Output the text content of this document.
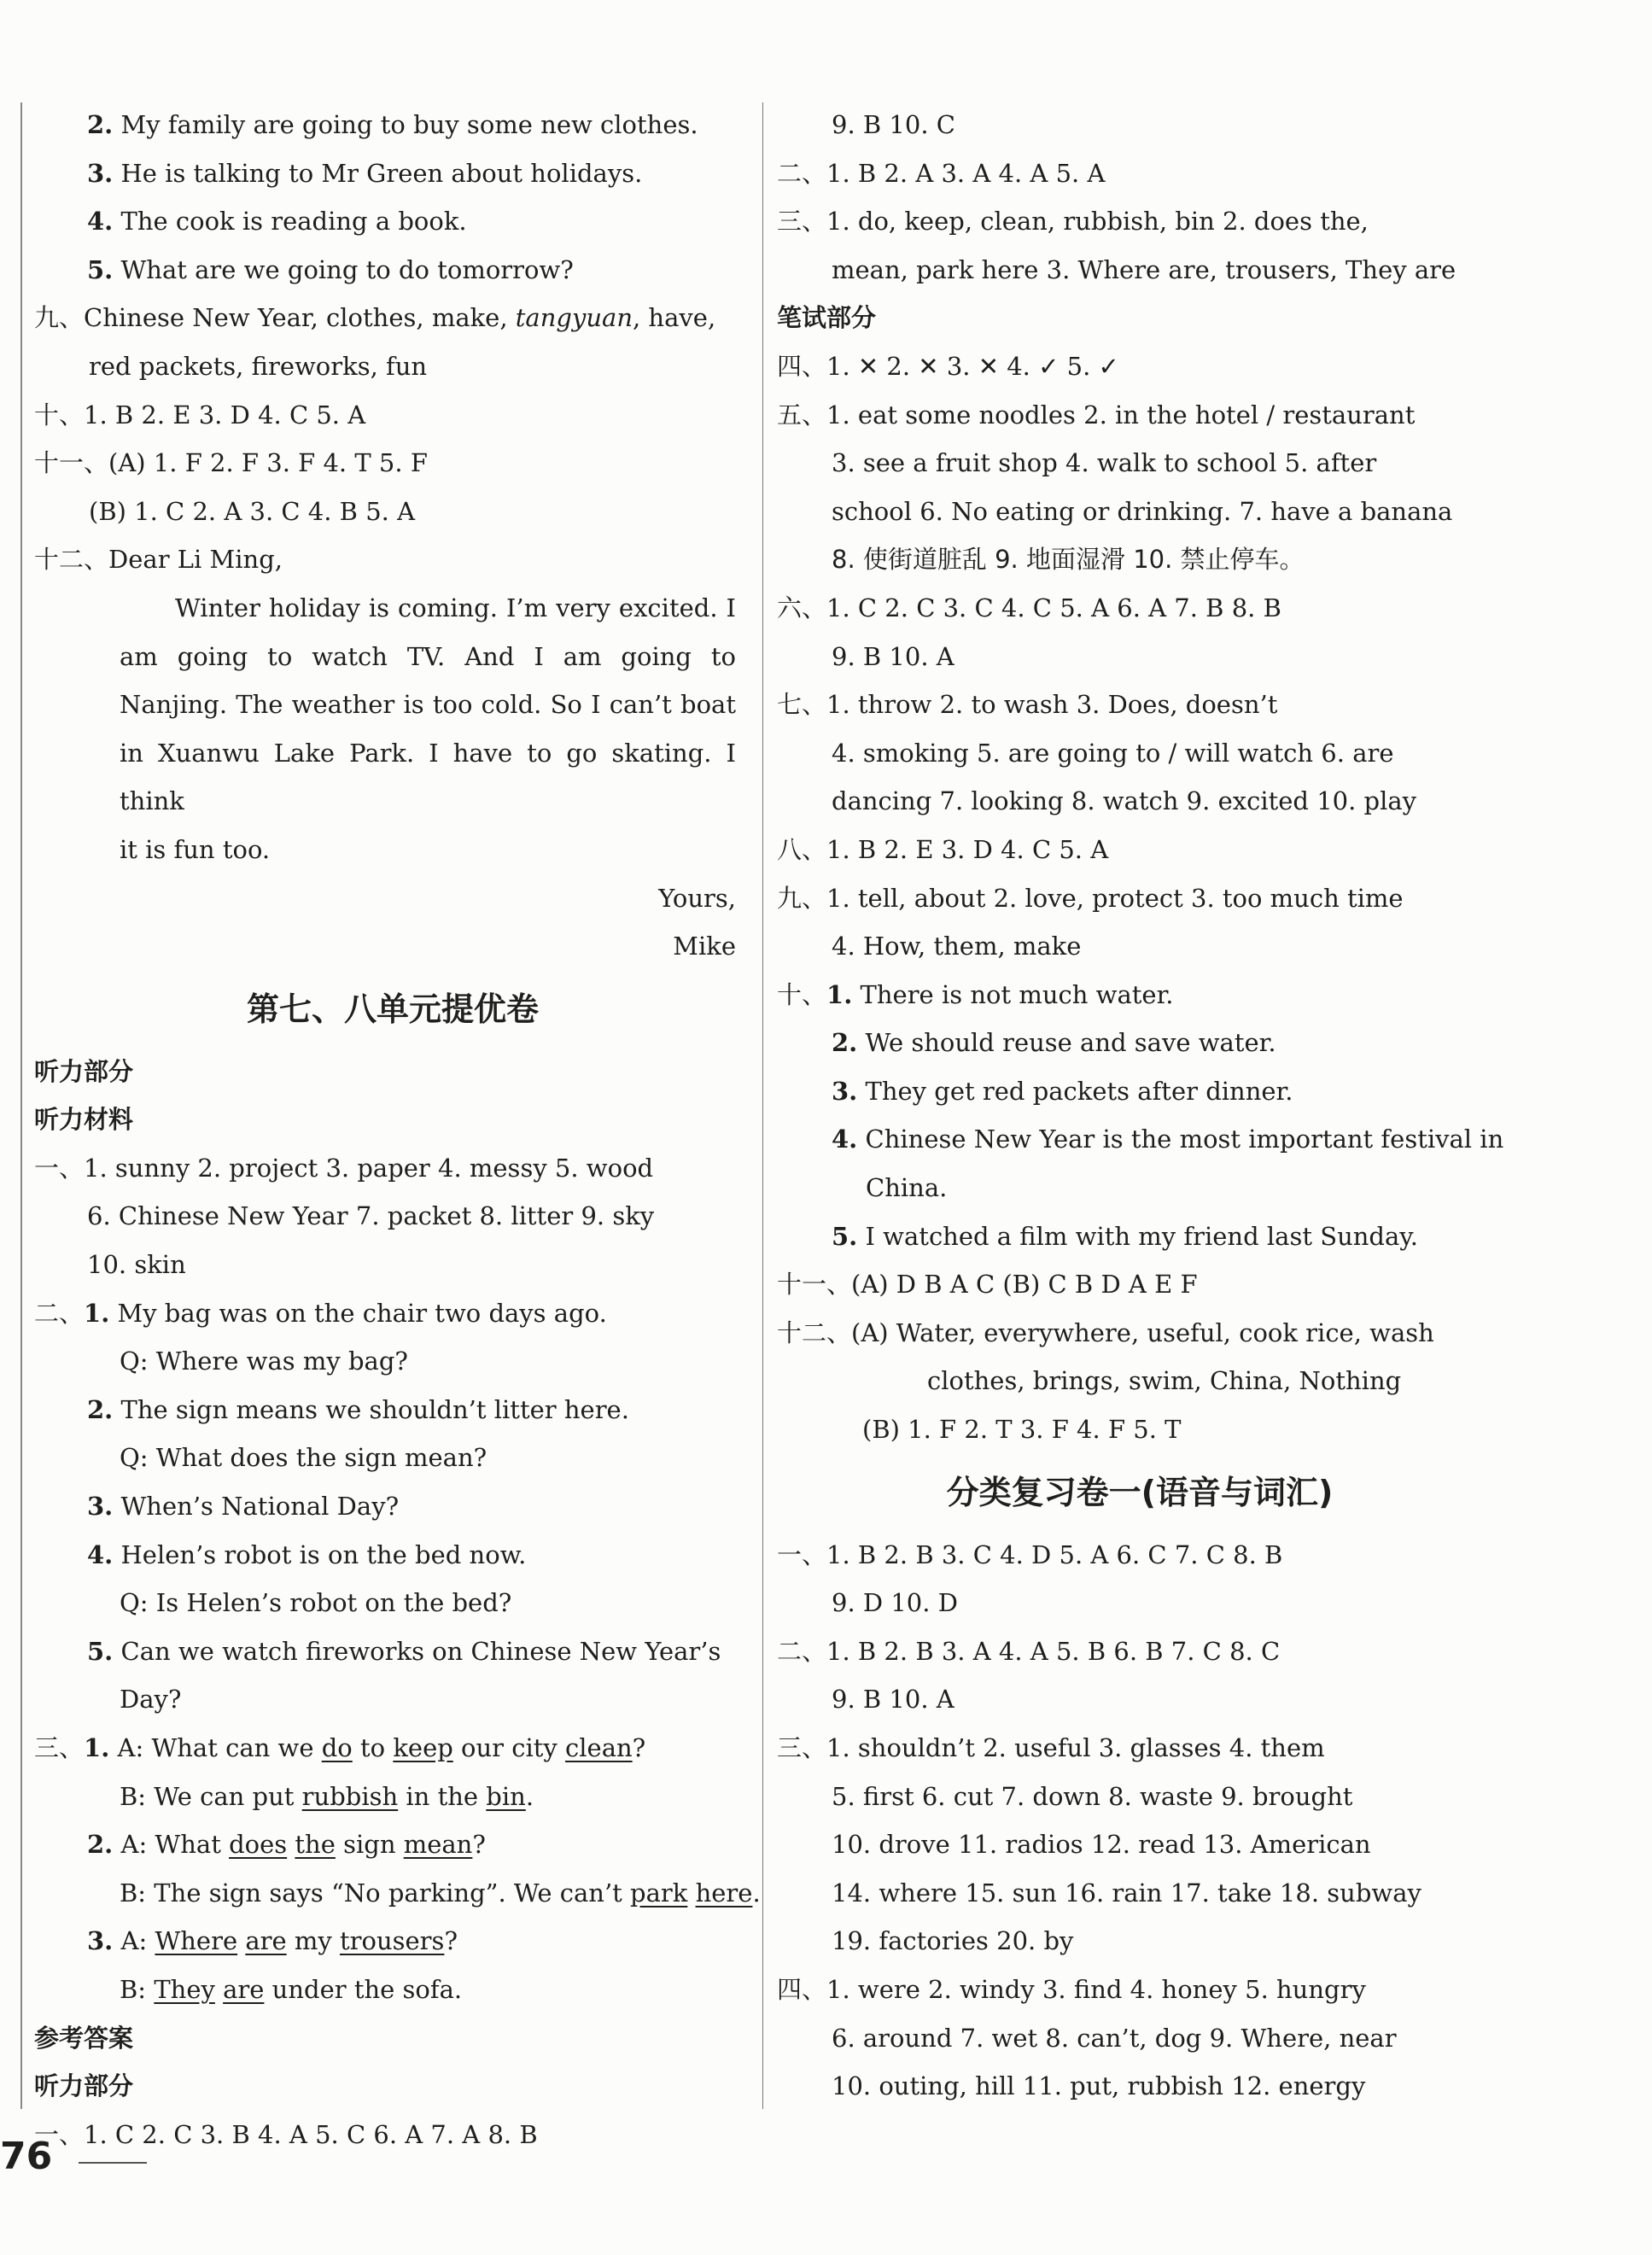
2. My family are going to buy some new clothes.
3. He is talking to Mr Green about holidays.
4. The cook is reading a book.
5. What are we going to do tomorrow?
九、Chinese New Year, clothes, make, tangyuan, have,
red packets, fireworks, fun
十、1. B 2. E 3. D 4. C 5. A
十一、(A) 1. F 2. F 3. F 4. T 5. F
(B) 1. C 2. A 3. C 4. B 5. A
十二、Dear Li Ming,
Winter holiday is coming. I’m very excited. I
am going to watch TV. And I am going to
Nanjing. The weather is too cold. So I can’t boat
in Xuanwu Lake Park. I have to go skating. I think
it is fun too.
Yours,
Mike
第七、八单元提优卷
听力部分
听力材料
一、1. sunny 2. project 3. paper 4. messy 5. wood
6. Chinese New Year 7. packet 8. litter 9. sky
10. skin
二、1. My bag was on the chair two days ago.
Q: Where was my bag?
2. The sign means we shouldn’t litter here.
Q: What does the sign mean?
3. When’s National Day?
4. Helen’s robot is on the bed now.
Q: Is Helen’s robot on the bed?
5. Can we watch fireworks on Chinese New Year’s
Day?
三、1. A: What can we do to keep our city clean?
B: We can put rubbish in the bin.
2. A: What does the sign mean?
B: The sign says “No parking”. We can’t park here.
3. A: Where are my trousers?
B: They are under the sofa.
参考答案
听力部分
一、1. C 2. C 3. B 4. A 5. C 6. A 7. A 8. B
9. B 10. C
二、1. B 2. A 3. A 4. A 5. A
三、1. do, keep, clean, rubbish, bin 2. does the,
mean, park here 3. Where are, trousers, They are
笔试部分
四、1. ✕ 2. ✕ 3. ✕ 4. ✓ 5. ✓
五、1. eat some noodles 2. in the hotel / restaurant
3. see a fruit shop 4. walk to school 5. after
school 6. No eating or drinking. 7. have a banana
8. 使街道脏乱 9. 地面湿滑 10. 禁止停车。
六、1. C 2. C 3. C 4. C 5. A 6. A 7. B 8. B
9. B 10. A
七、1. throw 2. to wash 3. Does, doesn’t
4. smoking 5. are going to / will watch 6. are
dancing 7. looking 8. watch 9. excited 10. play
八、1. B 2. E 3. D 4. C 5. A
九、1. tell, about 2. love, protect 3. too much time
4. How, them, make
十、1. There is not much water.
2. We should reuse and save water.
3. They get red packets after dinner.
4. Chinese New Year is the most important festival in
China.
5. I watched a film with my friend last Sunday.
十一、(A) D B A C (B) C B D A E F
十二、(A) Water, everywhere, useful, cook rice, wash
clothes, brings, swim, China, Nothing
(B) 1. F 2. T 3. F 4. F 5. T
分类复习卷一(语音与词汇)
一、1. B 2. B 3. C 4. D 5. A 6. C 7. C 8. B
9. D 10. D
二、1. B 2. B 3. A 4. A 5. B 6. B 7. C 8. C
9. B 10. A
三、1. shouldn’t 2. useful 3. glasses 4. them
5. first 6. cut 7. down 8. waste 9. brought
10. drove 11. radios 12. read 13. American
14. where 15. sun 16. rain 17. take 18. subway
19. factories 20. by
四、1. were 2. windy 3. find 4. honey 5. hungry
6. around 7. wet 8. can’t, dog 9. Where, near
10. outing, hill 11. put, rubbish 12. energy
76
